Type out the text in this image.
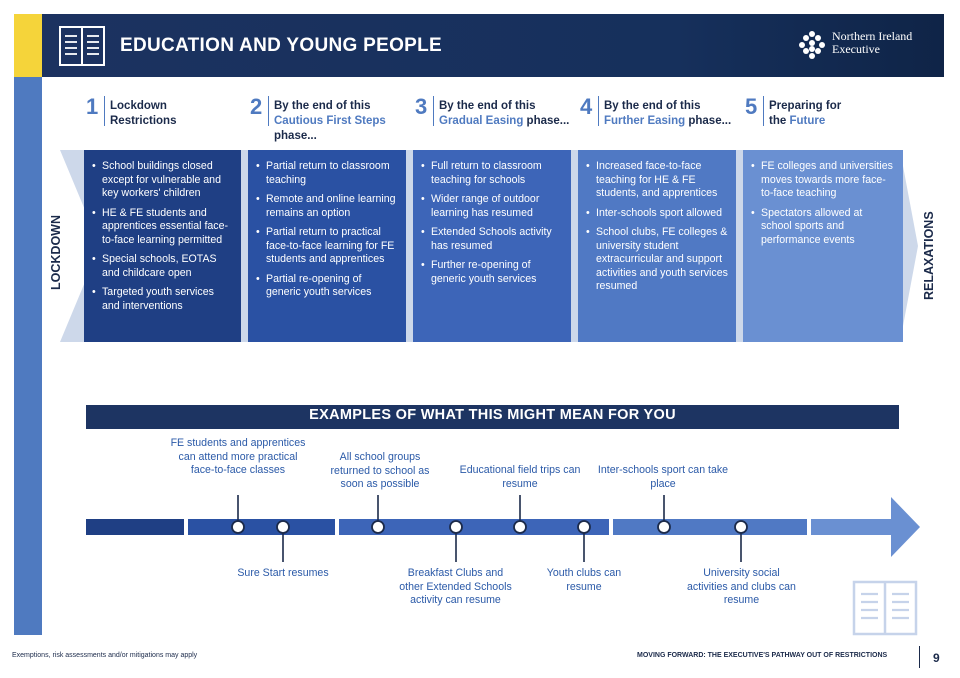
EDUCATION AND YOUNG PEOPLE	Northern Ireland
Executive
LOCKDOWN	RELAXATIONS
1 Lockdown
Restrictions
2 By the end of this
Cautious First Steps
phase...
3 By the end of this
Gradual Easing phase...
4 By the end of this
Further Easing phase...
5 Preparing for
the Future
• School buildings closed except for vulnerable and key workers' children
• HE & FE students and apprentices essential face-to-face learning permitted
• Special schools, EOTAS and childcare open
• Targeted youth services and interventions
• Partial return to classroom teaching
• Remote and online learning remains an option
• Partial return to practical face-to-face learning for FE students and apprentices
• Partial re-opening of generic youth services
• Full return to classroom teaching for schools
• Wider range of outdoor learning has resumed
• Extended Schools activity has resumed
• Further re-opening of generic youth services
• Increased face-to-face teaching for HE & FE students, and apprentices
• Inter-schools sport allowed
• School clubs, FE colleges & university student extracurricular and support activities and youth services resumed
• FE colleges and universities moves towards more face-to-face teaching
• Spectators allowed at school sports and performance events
EXAMPLES OF WHAT THIS MIGHT MEAN FOR YOU
FE students and apprentices can attend more practical face-to-face classes
All school groups returned to school as soon as possible
Educational field trips can resume
Inter-schools sport can take place
Sure Start resumes	Breakfast Clubs and other Extended Schools activity can resume
Youth clubs can resume
University social activities and clubs can resume
Exemptions, risk assessments and/or mitigations may apply	MOVING FORWARD: THE EXECUTIVE'S PATHWAY OUT OF RESTRICTIONS	9
